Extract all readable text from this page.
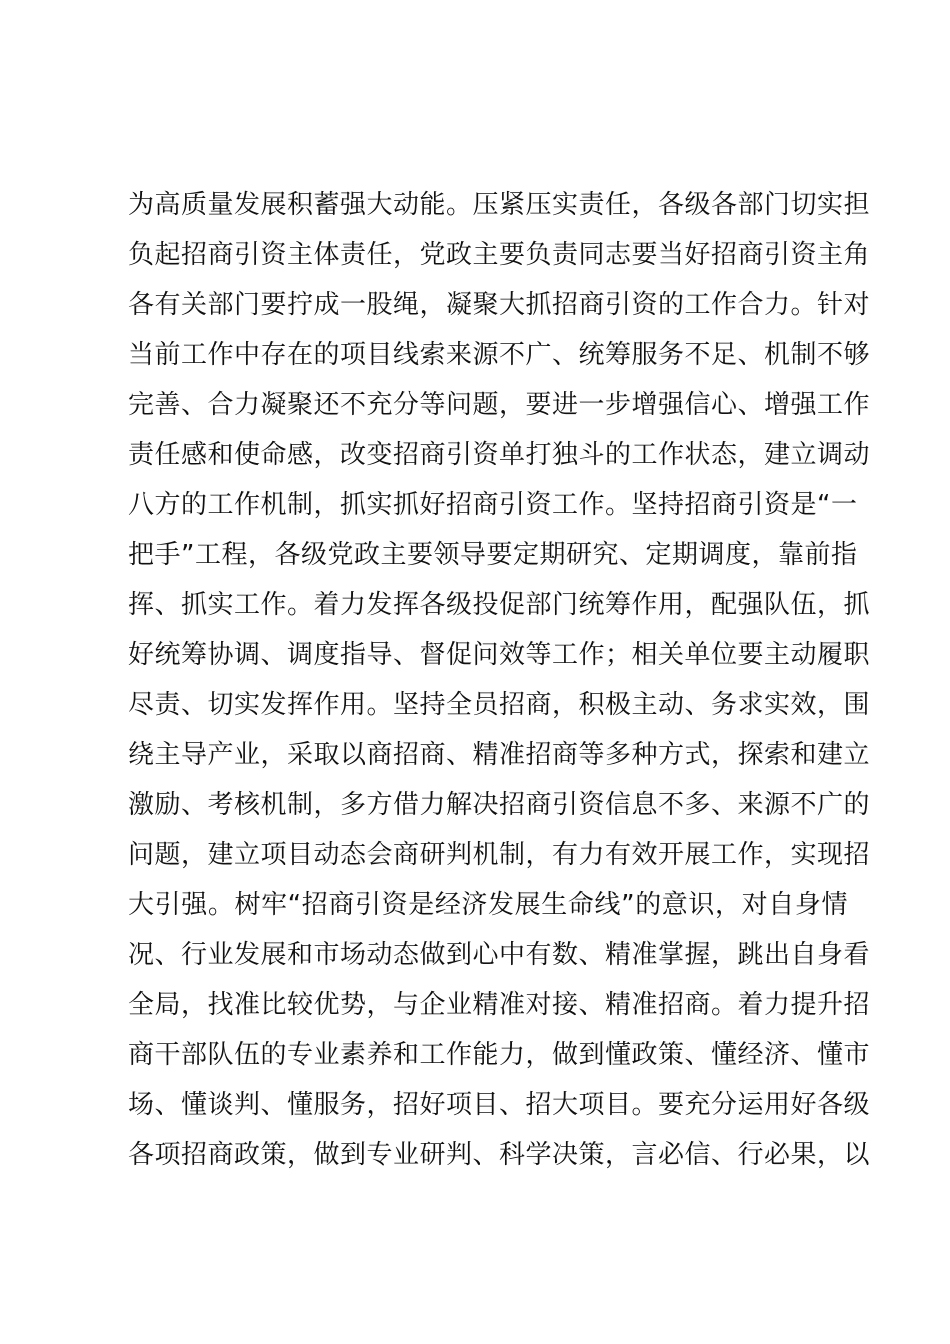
为高质量发展积蓄强大动能。压紧压实责任，各级各部门切实担
负起招商引资主体责任，党政主要负责同志要当好招商引资主角
各有关部门要拧成一股绳，凝聚大抓招商引资的工作合力。针对
当前工作中存在的项目线索来源不广、统筹服务不足、机制不够
完善、合力凝聚还不充分等问题，要进一步增强信心、增强工作
责任感和使命感，改变招商引资单打独斗的工作状态，建立调动
八方的工作机制，抓实抓好招商引资工作。坚持招商引资是“一
把手”工程，各级党政主要领导要定期研究、定期调度，靠前指
挥、抓实工作。着力发挥各级投促部门统筹作用，配强队伍，抓
好统筹协调、调度指导、督促问效等工作；相关单位要主动履职
尽责、切实发挥作用。坚持全员招商，积极主动、务求实效，围
绕主导产业，采取以商招商、精准招商等多种方式，探索和建立
激励、考核机制，多方借力解决招商引资信息不多、来源不广的
问题，建立项目动态会商研判机制，有力有效开展工作，实现招
大引强。树牢“招商引资是经济发展生命线”的意识，对自身情
况、行业发展和市场动态做到心中有数、精准掌握，跳出自身看
全局，找准比较优势，与企业精准对接、精准招商。着力提升招
商干部队伍的专业素养和工作能力，做到懂政策、懂经济、懂市
场、懂谈判、懂服务，招好项目、招大项目。要充分运用好各级
各项招商政策，做到专业研判、科学决策，言必信、行必果，以
